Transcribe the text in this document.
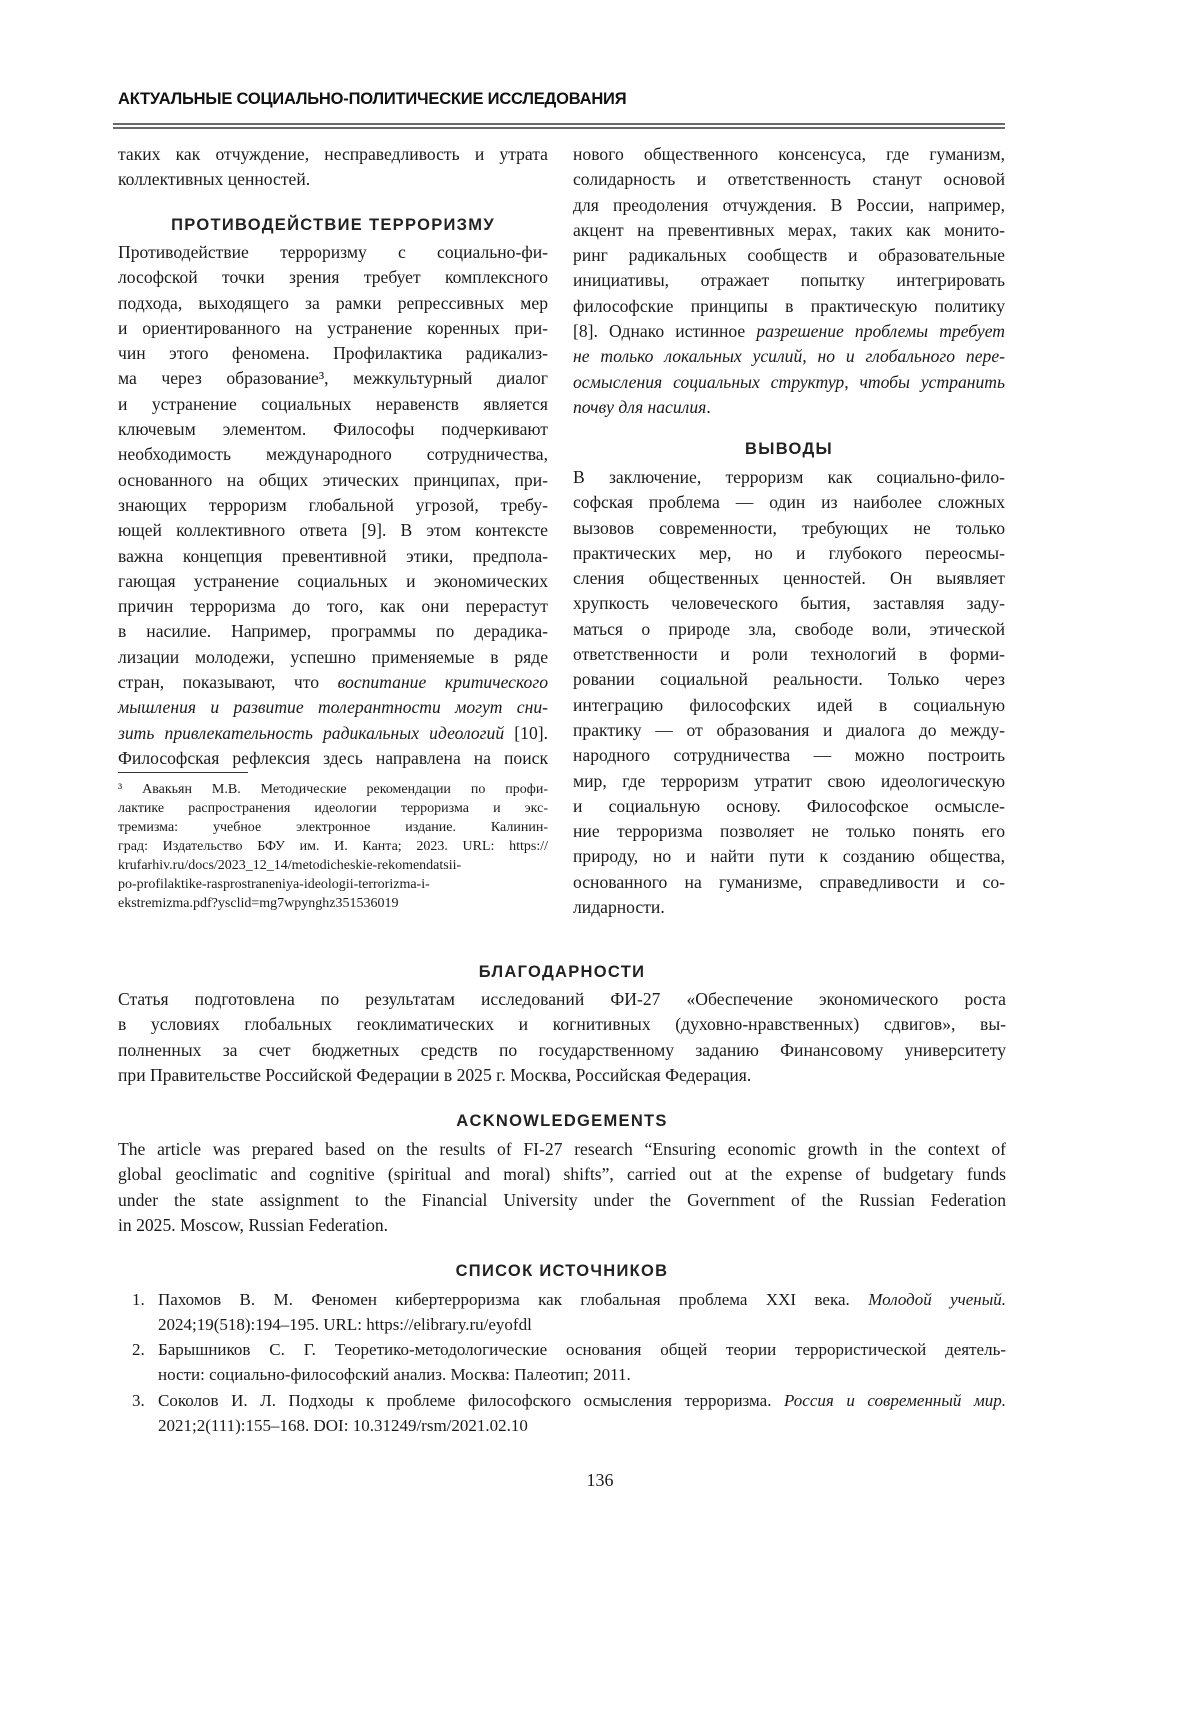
АКТУАЛЬНЫЕ СОЦИАЛЬНО-ПОЛИТИЧЕСКИЕ ИССЛЕДОВАНИЯ
таких как отчуждение, несправедливость и утрата
коллективных ценностей.
ПРОТИВОДЕЙСТВИЕ ТЕРРОРИЗМУ
Противодействие терроризму с социально-фи-
лософской точки зрения требует комплексного
подхода, выходящего за рамки репрессивных мер
и ориентированного на устранение коренных при-
чин этого феномена. Профилактика радикализ-
ма через образование³, межкультурный диалог
и устранение социальных неравенств является
ключевым элементом. Философы подчеркивают
необходимость международного сотрудничества,
основанного на общих этических принципах, при-
знающих терроризм глобальной угрозой, требу-
ющей коллективного ответа [9]. В этом контексте
важна концепция превентивной этики, предпола-
гающая устранение социальных и экономических
причин терроризма до того, как они перерастут
в насилие. Например, программы по дерадика-
лизации молодежи, успешно применяемые в ряде
стран, показывают, что воспитание критического
мышления и развитие толерантности могут сни-
зить привлекательность радикальных идеологий [10].
Философская рефлексия здесь направлена на поиск
³ Авакьян М.В. Методические рекомендации по профи-
лактике распространения идеологии терроризма и экс-
тремизма: учебное электронное издание. Калинин-
град: Издательство БФУ им. И. Канта; 2023. URL: https://
krufarhiv.ru/docs/2023_12_14/metodicheskie-rekomendatsii-
po-profilaktike-rasprostraneniya-ideologii-terrorizma-i-
ekstremizma.pdf?ysclid=mg7wpynghz351536019
нового общественного консенсуса, где гуманизм,
солидарность и ответственность станут основой
для преодоления отчуждения. В России, например,
акцент на превентивных мерах, таких как монито-
ринг радикальных сообществ и образовательные
инициативы, отражает попытку интегрировать
философские принципы в практическую политику
[8]. Однако истинное разрешение проблемы требует
не только локальных усилий, но и глобального пере-
осмысления социальных структур, чтобы устранить
почву для насилия.
ВЫВОДЫ
В заключение, терроризм как социально-фило-
софская проблема — один из наиболее сложных
вызовов современности, требующих не только
практических мер, но и глубокого переосмы-
сления общественных ценностей. Он выявляет
хрупкость человеческого бытия, заставляя заду-
маться о природе зла, свободе воли, этической
ответственности и роли технологий в форми-
ровании социальной реальности. Только через
интеграцию философских идей в социальную
практику — от образования и диалога до между-
народного сотрудничества — можно построить
мир, где терроризм утратит свою идеологическую
и социальную основу. Философское осмысле-
ние терроризма позволяет не только понять его
природу, но и найти пути к созданию общества,
основанного на гуманизме, справедливости и со-
лидарности.
БЛАГОДАРНОСТИ
Статья подготовлена по результатам исследований ФИ-27 «Обеспечение экономического роста
в условиях глобальных геоклиматических и когнитивных (духовно-нравственных) сдвигов», вы-
полненных за счет бюджетных средств по государственному заданию Финансовому университету
при Правительстве Российской Федерации в 2025 г. Москва, Российская Федерация.
ACKNOWLEDGEMENTS
The article was prepared based on the results of FI-27 research “Ensuring economic growth in the context of
global geoclimatic and cognitive (spiritual and moral) shifts”, carried out at the expense of budgetary funds
under the state assignment to the Financial University under the Government of the Russian Federation
in 2025. Moscow, Russian Federation.
СПИСОК ИСТОЧНИКОВ
1. Пахомов В. М. Феномен кибертерроризма как глобальная проблема XXI века. Молодой ученый.
2024;19(518):194–195. URL: https://elibrary.ru/eyofdl
2. Барышников С. Г. Теоретико-методологические основания общей теории террористической деятель-
ности: социально-философский анализ. Москва: Палеотип; 2011.
3. Соколов И. Л. Подходы к проблеме философского осмысления терроризма. Россия и современный мир.
2021;2(111):155–168. DOI: 10.31249/rsm/2021.02.10
136
